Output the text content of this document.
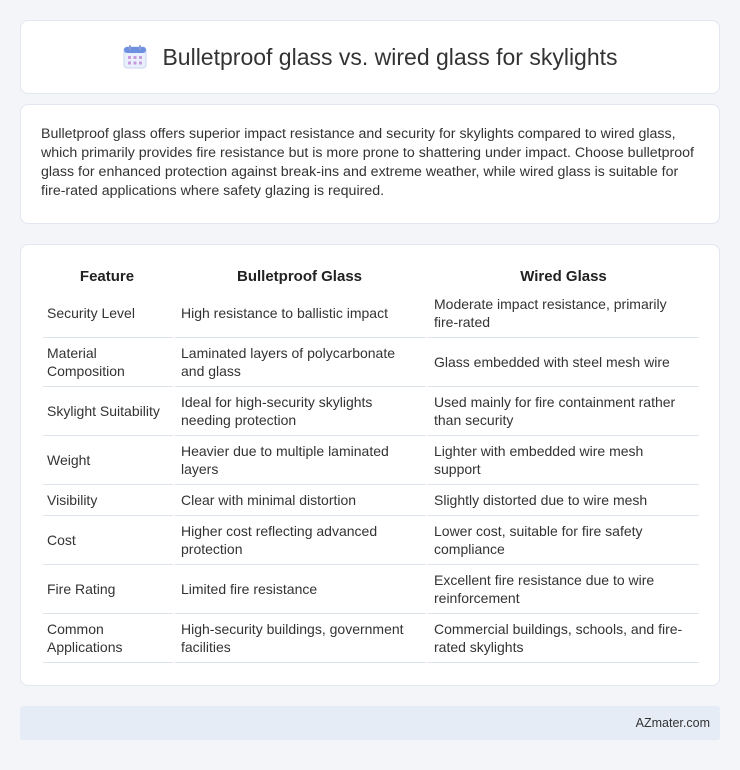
Bulletproof glass vs. wired glass for skylights

Bulletproof glass offers superior impact resistance and security for skylights compared to wired glass, which primarily provides fire resistance but is more prone to shattering under impact. Choose bulletproof glass for enhanced protection against break-ins and extreme weather, while wired glass is suitable for fire-rated applications where safety glazing is required.

Feature	Bulletproof Glass	Wired Glass
Security Level	High resistance to ballistic impact	Moderate impact resistance, primarily fire-rated
Material Composition	Laminated layers of polycarbonate and glass	Glass embedded with steel mesh wire
Skylight Suitability	Ideal for high-security skylights needing protection	Used mainly for fire containment rather than security
Weight	Heavier due to multiple laminated layers	Lighter with embedded wire mesh support
Visibility	Clear with minimal distortion	Slightly distorted due to wire mesh
Cost	Higher cost reflecting advanced protection	Lower cost, suitable for fire safety compliance
Fire Rating	Limited fire resistance	Excellent fire resistance due to wire reinforcement
Common Applications	High-security buildings, government facilities	Commercial buildings, schools, and fire-rated skylights
AZmater.com
